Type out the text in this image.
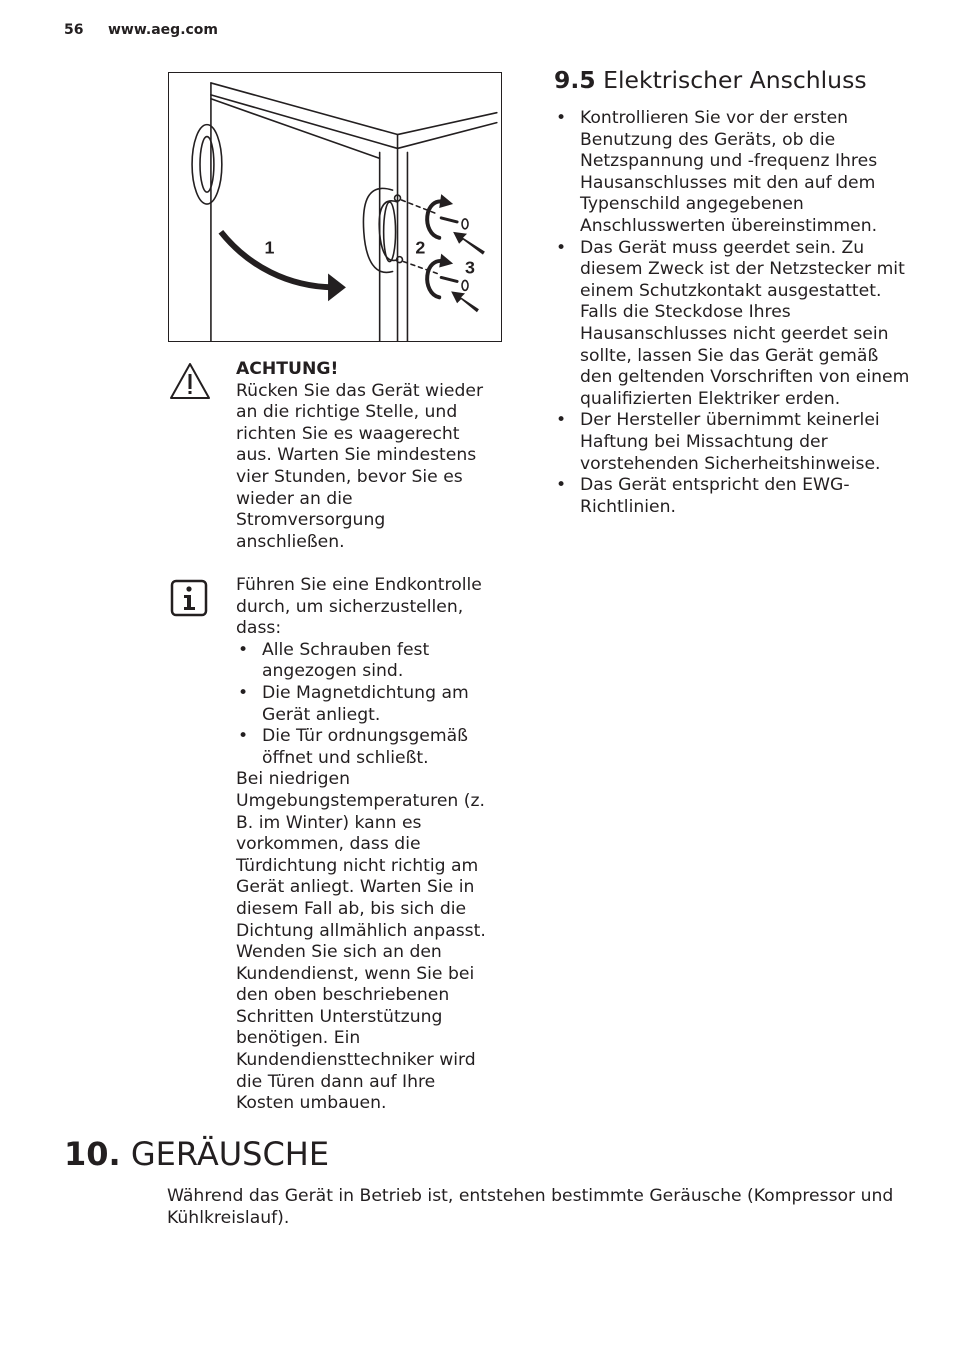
56 www.aeg.com
1	2
3
ACHTUNG!
Rücken Sie das Gerät wieder an die richtige Stelle, und richten Sie es waagerecht aus. Warten Sie mindestens vier Stunden, bevor Sie es wieder an die Stromversorgung anschließen.
Führen Sie eine Endkontrolle durch, um sicherzustellen, dass:
• Alle Schrauben fest angezogen sind.
• Die Magnetdichtung am Gerät anliegt.
• Die Tür ordnungsgemäß öffnet und schließt.
Bei niedrigen Umgebungstemperaturen (z. B. im Winter) kann es vorkommen, dass die Türdichtung nicht richtig am Gerät anliegt. Warten Sie in diesem Fall ab, bis sich die Dichtung allmählich anpasst. Wenden Sie sich an den Kundendienst, wenn Sie bei den oben beschriebenen Schritten Unterstützung benötigen. Ein Kundendiensttechniker wird die Türen dann auf Ihre Kosten umbauen.
9.5 Elektrischer Anschluss
• Kontrollieren Sie vor der ersten Benutzung des Geräts, ob die Netzspannung und -frequenz Ihres Hausanschlusses mit den auf dem Typenschild angegebenen Anschlusswerten übereinstimmen.
• Das Gerät muss geerdet sein. Zu diesem Zweck ist der Netzstecker mit einem Schutzkontakt ausgestattet. Falls die Steckdose Ihres Hausanschlusses nicht geerdet sein sollte, lassen Sie das Gerät gemäß den geltenden Vorschriften von einem qualifizierten Elektriker erden.
• Der Hersteller übernimmt keinerlei Haftung bei Missachtung der vorstehenden Sicherheitshinweise.
• Das Gerät entspricht den EWG-Richtlinien.
10. GERÄUSCHE
Während das Gerät in Betrieb ist, entstehen bestimmte Geräusche (Kompressor und Kühlkreislauf).
